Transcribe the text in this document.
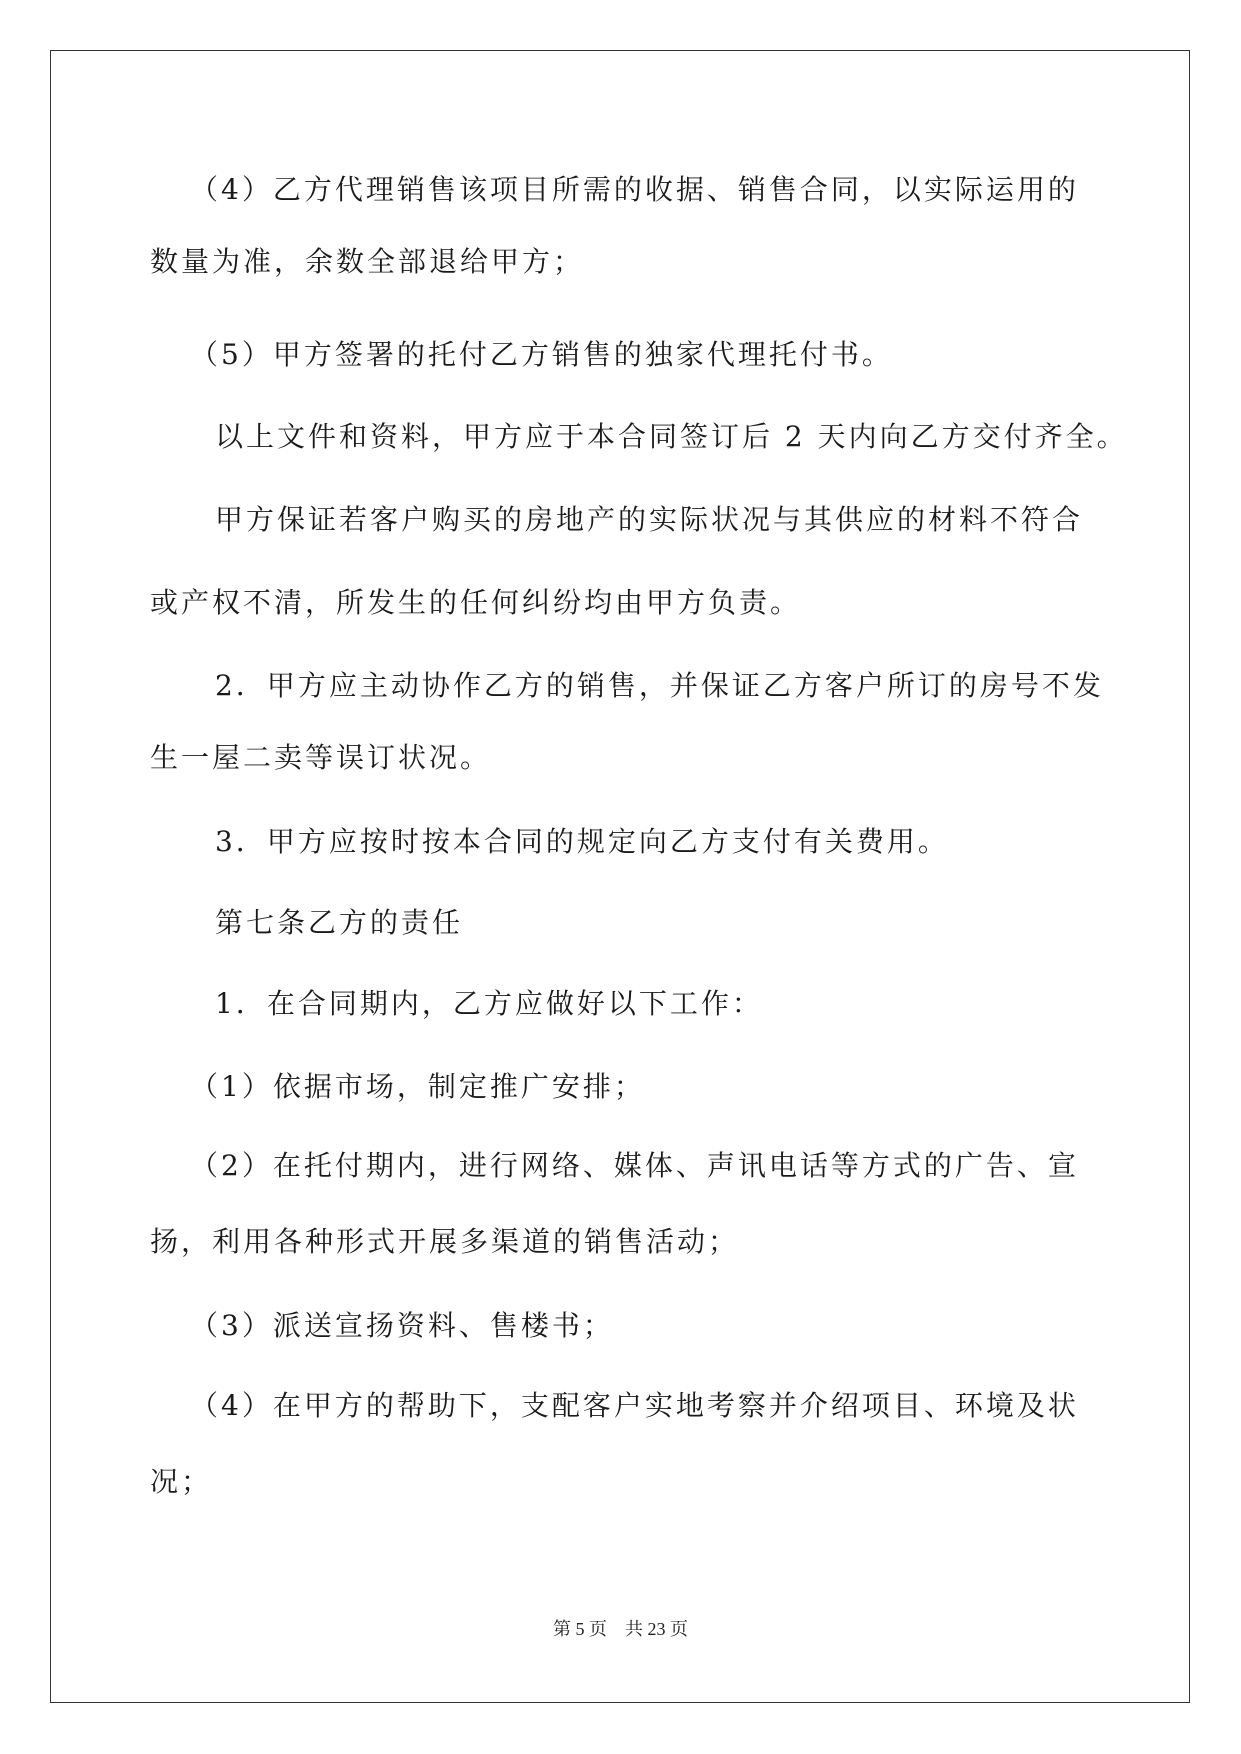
（4）乙方代理销售该项目所需的收据、销售合同，以实际运用的
数量为准，余数全部退给甲方；
（5）甲方签署的托付乙方销售的独家代理托付书。
以上文件和资料，甲方应于本合同签订后 2 天内向乙方交付齐全。
甲方保证若客户购买的房地产的实际状况与其供应的材料不符合
或产权不清，所发生的任何纠纷均由甲方负责。
2．甲方应主动协作乙方的销售，并保证乙方客户所订的房号不发
生一屋二卖等误订状况。
3．甲方应按时按本合同的规定向乙方支付有关费用。
第七条乙方的责任
1．在合同期内，乙方应做好以下工作：
（1）依据市场，制定推广安排；
（2）在托付期内，进行网络、媒体、声讯电话等方式的广告、宣
扬，利用各种形式开展多渠道的销售活动；
（3）派送宣扬资料、售楼书；
（4）在甲方的帮助下，支配客户实地考察并介绍项目、环境及状
况；
第 5 页　共 23 页
